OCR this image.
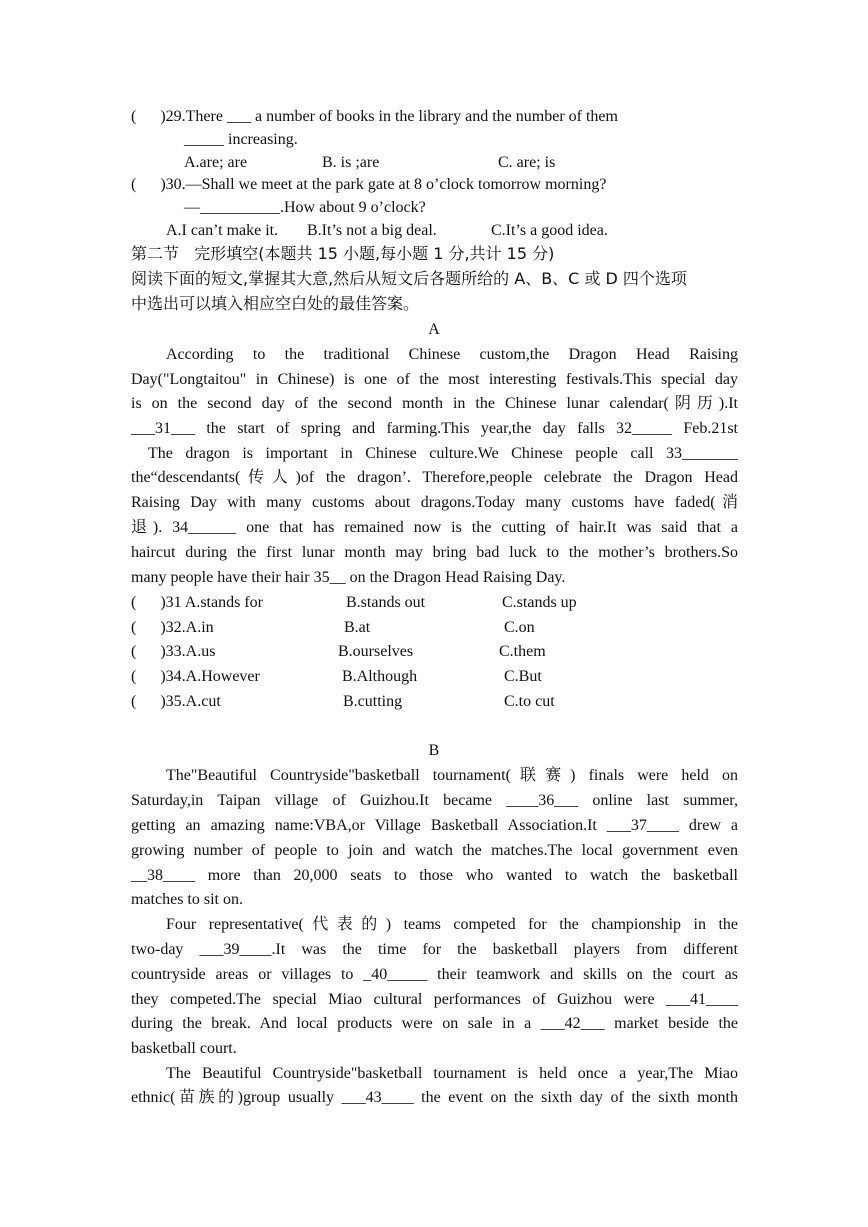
(      )29.There ___ a number of books in the library and the number of them
_____ increasing.
A.are; are	B. is ;are	C. are; is
(      )30.—Shall we meet at the park gate at 8 o’clock tomorrow morning?
—__________.How about 9 o’clock?
A.I can’t make it. B.It’s not a big deal.	C.It’s a good idea.
第二节   完形填空(本题共 15 小题,每小题 1 分,共计 15 分)
阅读下面的短文,掌握其大意,然后从短文后各题所给的 A、B、C 或 D 四个选项
中选出可以填入相应空白处的最佳答案。
A
According to the traditional Chinese custom,the Dragon Head Raising
Day("Longtaitou" in Chinese) is one of the most interesting festivals.This special day
is on the second day of the second month in the Chinese lunar calendar(阴历).It
___31___ the start of spring and farming.This year,the day falls 32_____ Feb.21st
The dragon is important in Chinese culture.We Chinese people call 33_______
the“descendants(传人)of the dragon’. Therefore,people celebrate the Dragon Head
Raising Day with many customs about dragons.Today many customs have faded(消
退). 34______ one that has remained now is the cutting of hair.It was said that a
haircut during the first lunar month may bring bad luck to the mother’s brothers.So
many people have their hair 35__ on the Dragon Head Raising Day.
(      )31 A.stands for	B.stands out	C.stands up
(      )32.A.in	B.at	C.on
(      )33.A.us	B.ourselves	C.them
(      )34.A.However	B.Although	C.But
(      )35.A.cut	B.cutting	C.to cut
B
The"Beautiful Countryside"basketball tournament(联赛) finals were held on
Saturday,in Taipan village of Guizhou.It became ____36___ online last summer,
getting an amazing name:VBA,or Village Basketball Association.It ___37____ drew a
growing number of people to join and watch the matches.The local government even
__38____ more than 20,000 seats to those who wanted to watch the basketball
matches to sit on.
Four representative(代表的) teams competed for the championship in the
two-day ___39____.It was the time for the basketball players from different
countryside areas or villages to _40_____ their teamwork and skills on the court as
they competed.The special Miao cultural performances of Guizhou were ___41____
during the break. And local products were on sale in a ___42___ market beside the
basketball court.
The Beautiful Countryside"basketball tournament is held once a year,The Miao
ethnic(苗族的)group usually ___43____ the event on the sixth day of the sixth month
